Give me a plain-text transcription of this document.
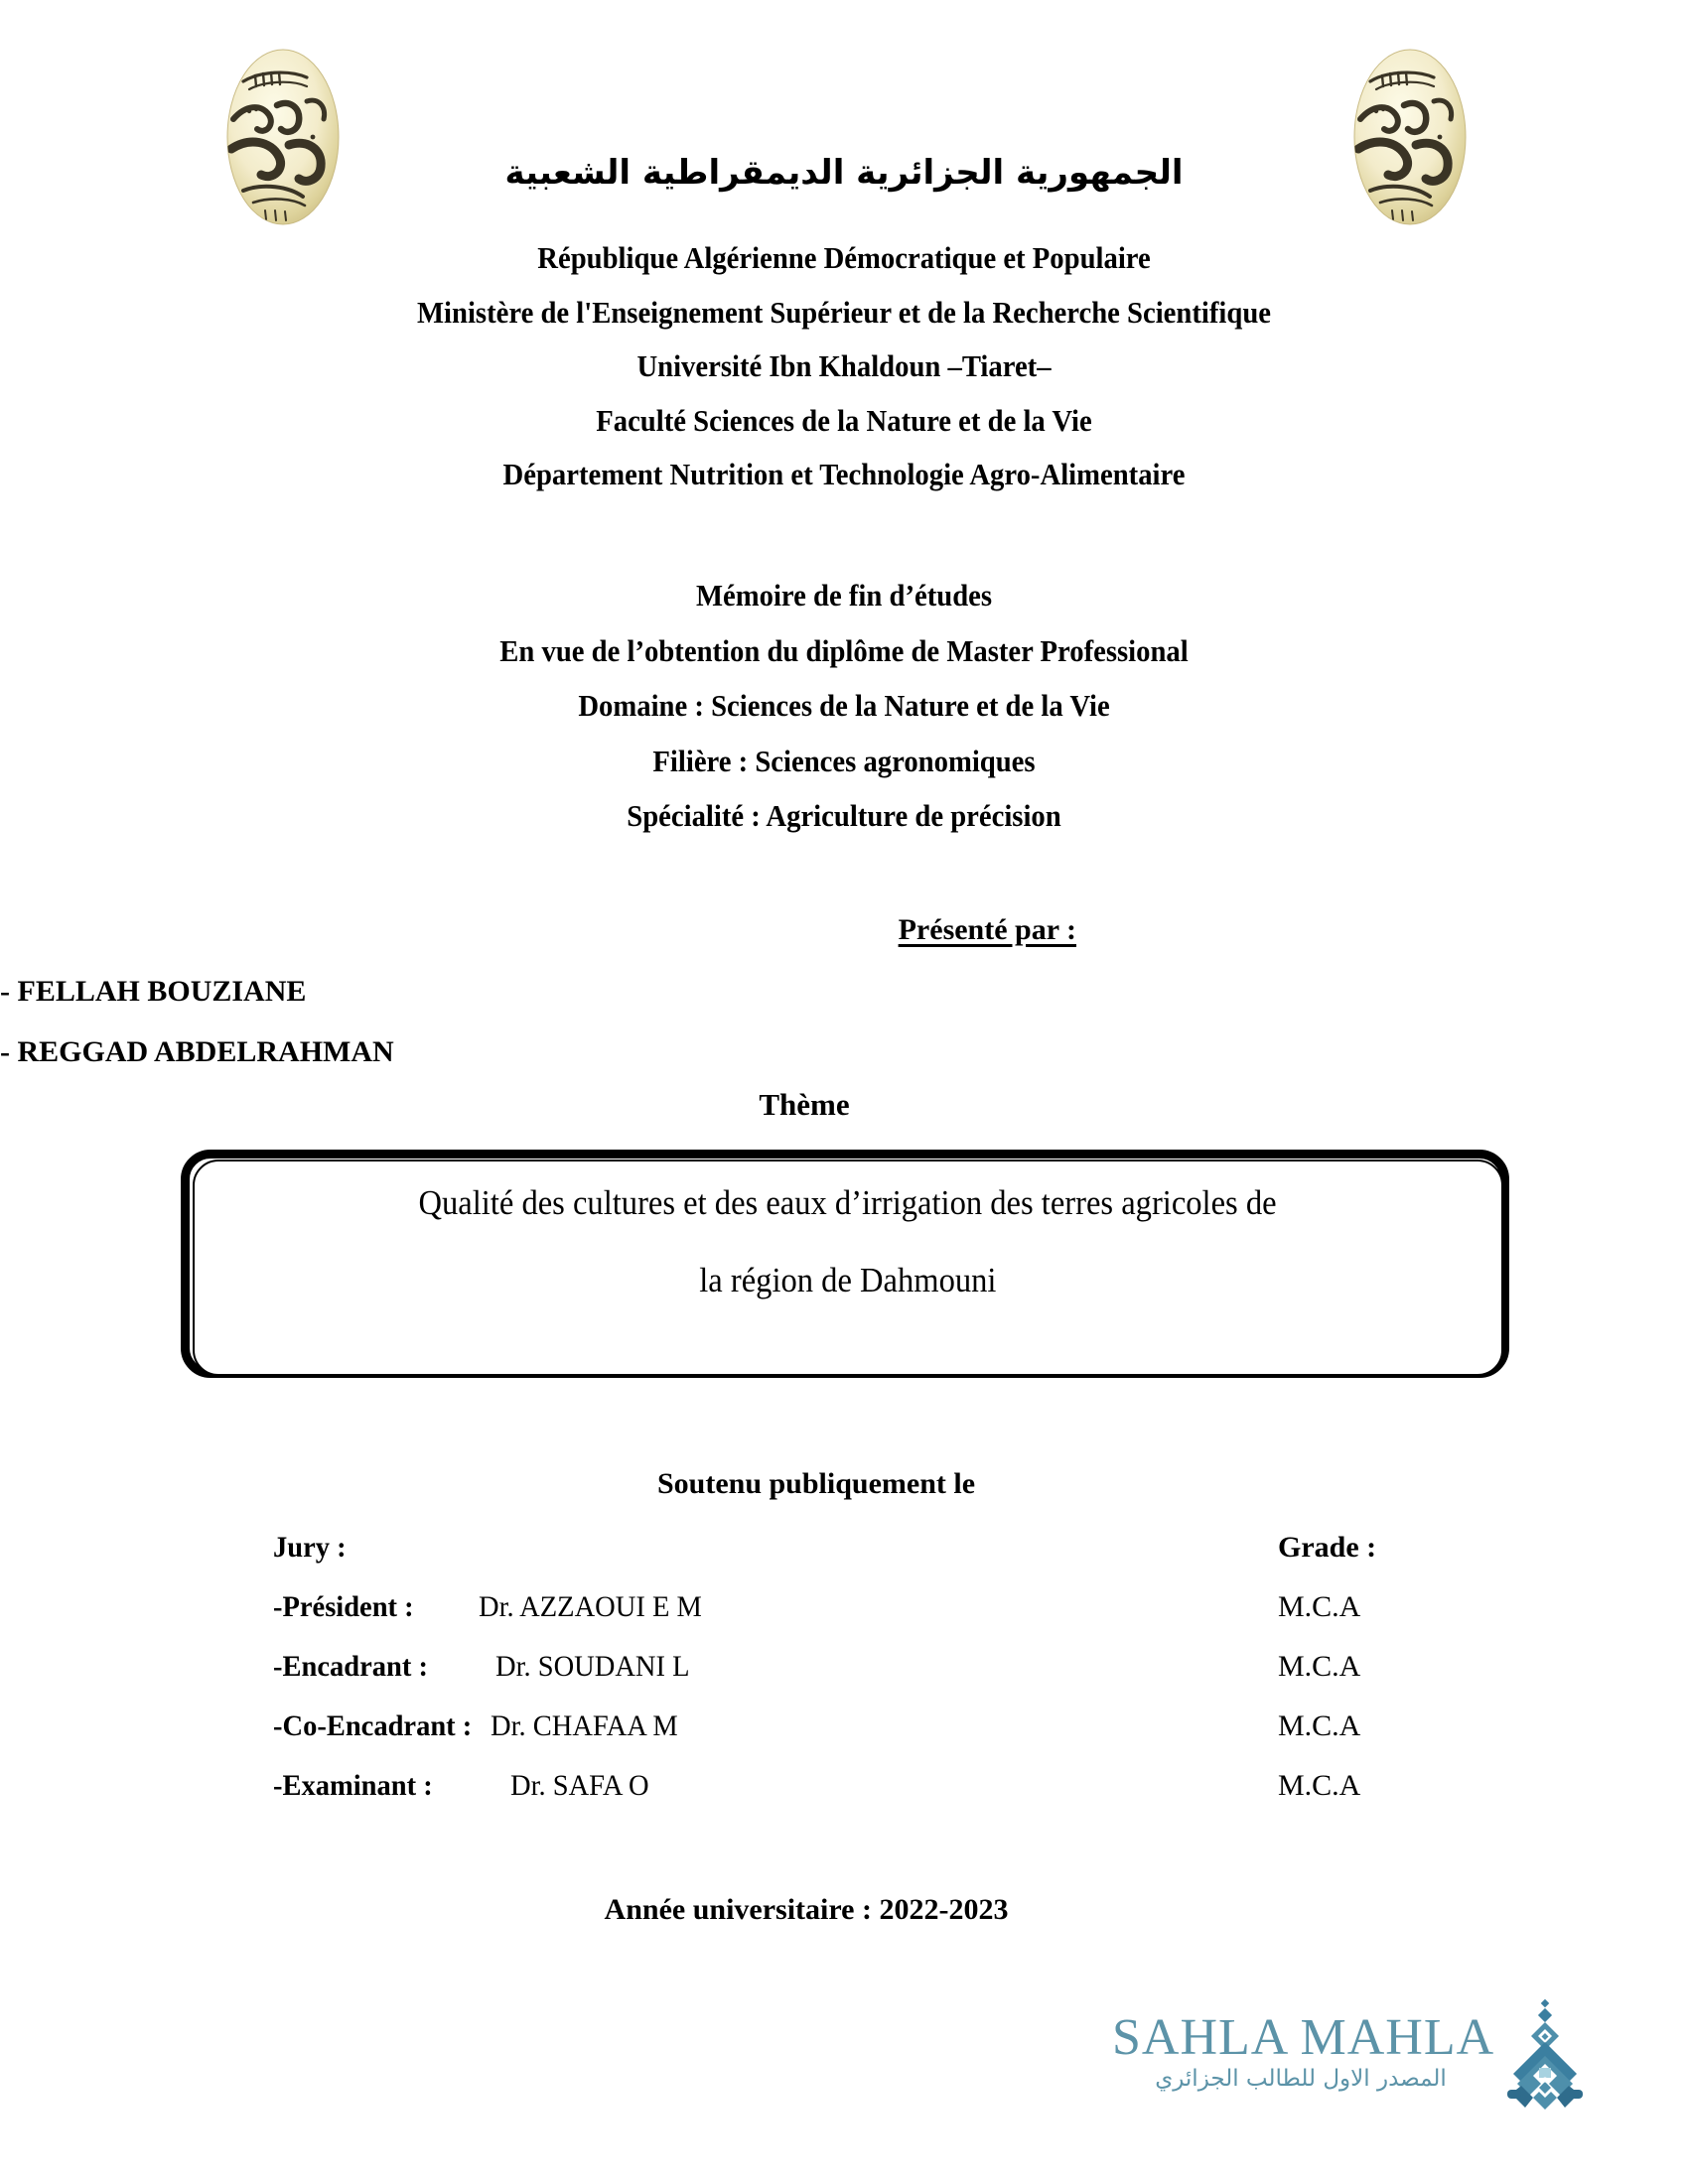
الجمهورية الجزائرية الديمقراطية الشعبية
République Algérienne Démocratique et Populaire
Ministère de l'Enseignement Supérieur et de la Recherche Scientifique
Université Ibn Khaldoun –Tiaret–
Faculté Sciences de la Nature et de la Vie
Département Nutrition et Technologie Agro-Alimentaire
Mémoire de fin d’études
En vue de l’obtention du diplôme de Master Professional
Domaine : Sciences de la Nature et de la Vie
Filière : Sciences agronomiques
Spécialité : Agriculture de précision
Présenté par :
- FELLAH BOUZIANE
- REGGAD ABDELRAHMAN
Thème
Qualité des cultures et des eaux d’irrigation des terres agricoles de
la région de Dahmouni
Soutenu publiquement le
Jury :	Grade :
-Président : Dr. AZZAOUI E M	M.C.A
-Encadrant : Dr. SOUDANI L	M.C.A
-Co-Encadrant : Dr. CHAFAA M	M.C.A
-Examinant :	Dr. SAFA O	M.C.A
Année universitaire : 2022-2023
SAHLA MAHLA
المصدر الاول للطالب الجزائري
